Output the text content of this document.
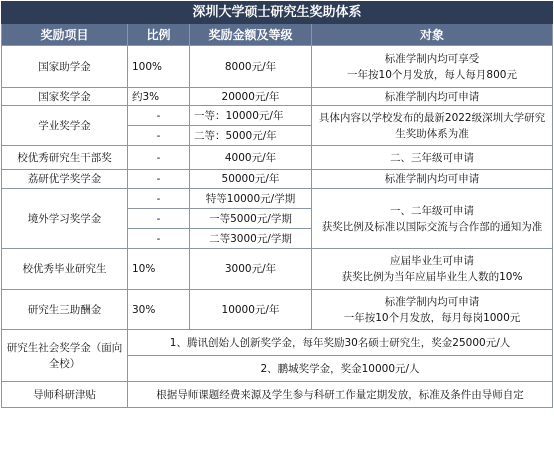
深圳大学硕士研究生奖助体系			
奖励项目	比例	奖励金额及等级	对象
国家助学金	100%	8000元/年	标准学制内均可享受
一年按10个月发放，每人每月800元

国家奖学金	约3%	20000元/年	标准学制内均可申请
学业奖学金	-	一等：10000元/年	具体内容以学校发布的最新2022级深圳大学研究
生奖助体系为准

	-	二等：5000元/年	
校优秀研究生干部奖	-	4000元/年	二、三年级可申请
荔研优学奖学金	-	50000元/年	标准学制内均可申请
境外学习奖学金	-	特等10000元/学期	一、二年级可申请
获奖比例及标准以国际交流与合作部的通知为准

	-	一等5000元/学期	
	-	二等3000元/学期	
校优秀毕业研究生	10%	3000元/年	应届毕业生可申请
获奖比例为当年应届毕业生人数的10%

研究生三助酬金	30%	10000元/年	标准学制内均可申请
一年按10个月发放，每月每岗1000元

研究生社会奖学金（面向全校）	1、腾讯创始人创新奖学金，每年奖励30名硕士研究生，奖金25000元/人		
	2、鹏城奖学金，奖金10000元/人		
导师科研津贴	根据导师课题经费来源及学生参与科研工作量定期发放，标准及条件由导师自定		
